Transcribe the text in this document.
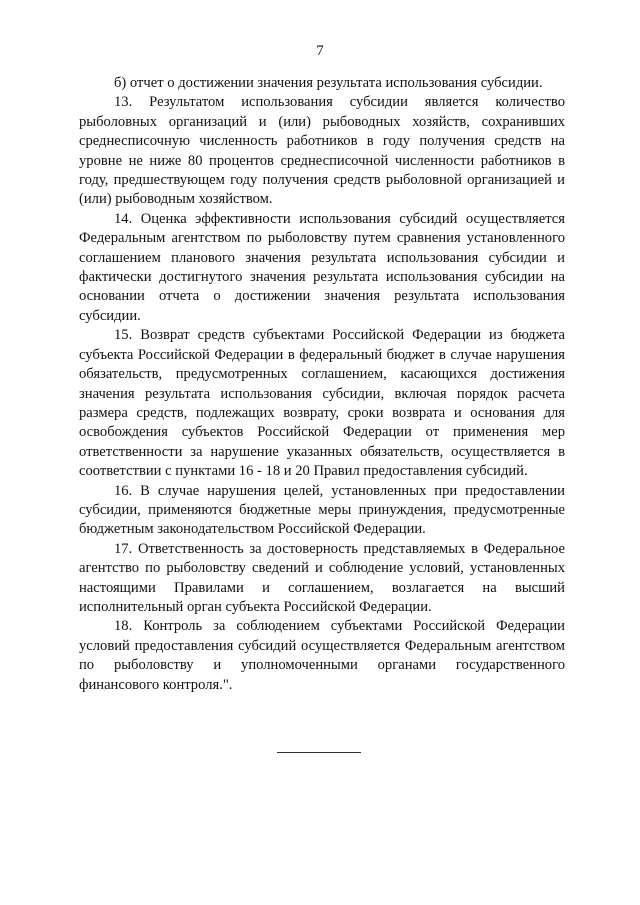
7

б) отчет о достижении значения результата использования субсидии.

13. Результатом использования субсидии является количество рыболовных организаций и (или) рыбоводных хозяйств, сохранивших среднесписочную численность работников в году получения средств на уровне не ниже 80 процентов среднесписочной численности работников в году, предшествующем году получения средств рыболовной организацией и (или) рыбоводным хозяйством.

14. Оценка эффективности использования субсидий осуществляется Федеральным агентством по рыболовству путем сравнения установленного соглашением планового значения результата использования субсидии и фактически достигнутого значения результата использования субсидии на основании отчета о достижении значения результата использования субсидии.

15. Возврат средств субъектами Российской Федерации из бюджета субъекта Российской Федерации в федеральный бюджет в случае нарушения обязательств, предусмотренных соглашением, касающихся достижения значения результата использования субсидии, включая порядок расчета размера средств, подлежащих возврату, сроки возврата и основания для освобождения субъектов Российской Федерации от применения мер ответственности за нарушение указанных обязательств, осуществляется в соответствии с пунктами 16 - 18 и 20 Правил предоставления субсидий.

16. В случае нарушения целей, установленных при предоставлении субсидии, применяются бюджетные меры принуждения, предусмотренные бюджетным законодательством Российской Федерации.

17. Ответственность за достоверность представляемых в Федеральное агентство по рыболовству сведений и соблюдение условий, установленных настоящими Правилами и соглашением, возлагается на высший исполнительный орган субъекта Российской Федерации.

18. Контроль за соблюдением субъектами Российской Федерации условий предоставления субсидий осуществляется Федеральным агентством по рыболовству и уполномоченными органами государственного финансового контроля.".
